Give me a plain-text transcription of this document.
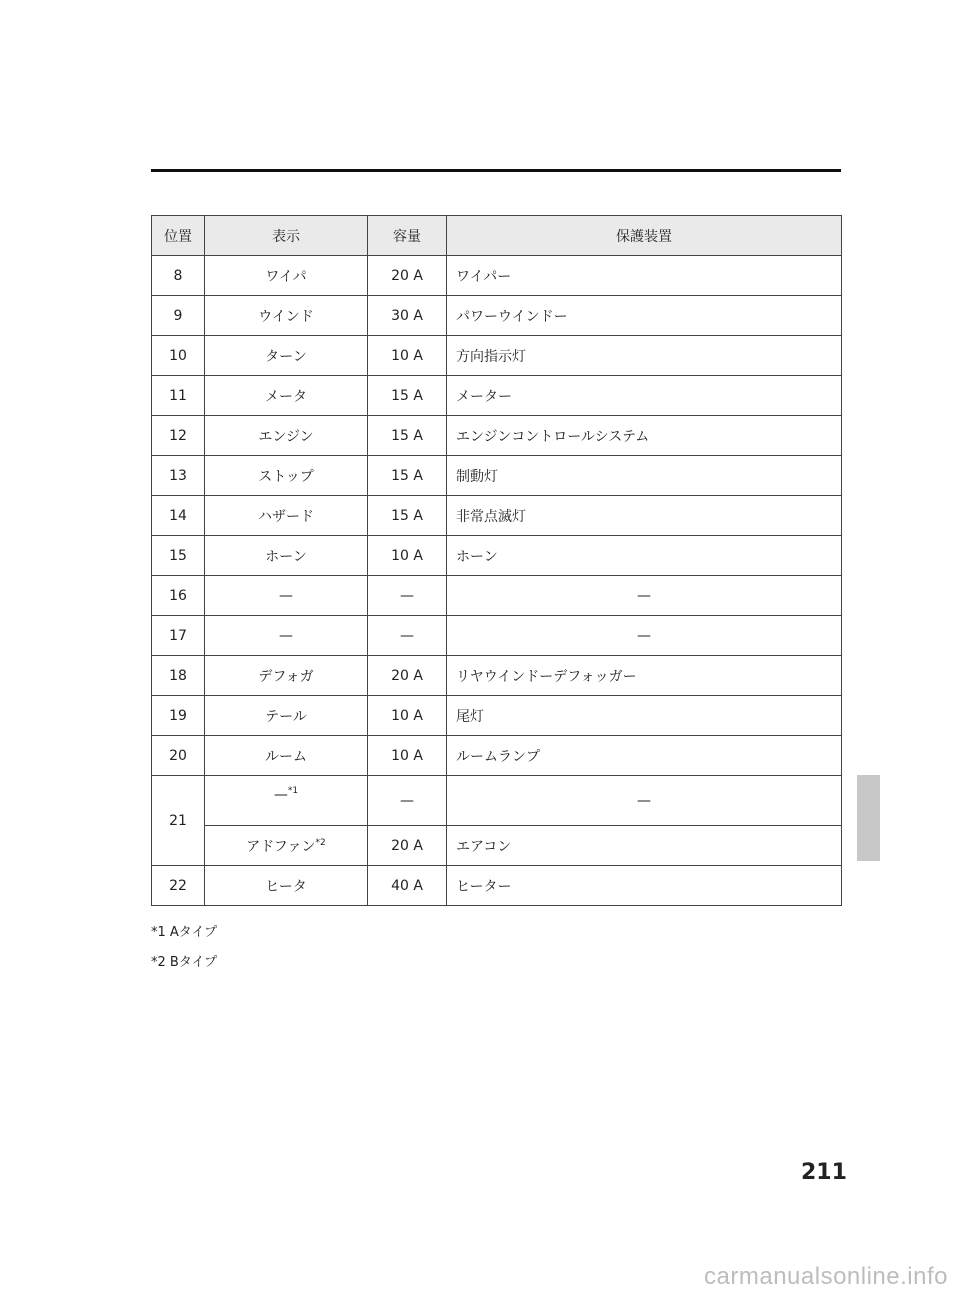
位置	表示	容量	保護装置
8	ワイパ	20 A	ワイパー
9	ウインド	30 A	パワーウインドー
10	ターン	10 A	方向指示灯
11	メータ	15 A	メーター
12	エンジン	15 A	エンジンコントロールシステム
13	ストップ	15 A	制動灯
14	ハザード	15 A	非常点滅灯
15	ホーン	10 A	ホーン
16	—	—	—
17	—	—	—
18	デフォガ	20 A	リヤウインドーデフォッガー
19	テール	10 A	尾灯
20	ルーム	10 A	ルームランプ
21	—$^{*1}$	—	—
	アドファン$^{*2}$	20 A	エアコン
22	ヒータ	40 A	ヒーター
*1 Aタイプ
*2 Bタイプ
211
carmanualsonline.info
